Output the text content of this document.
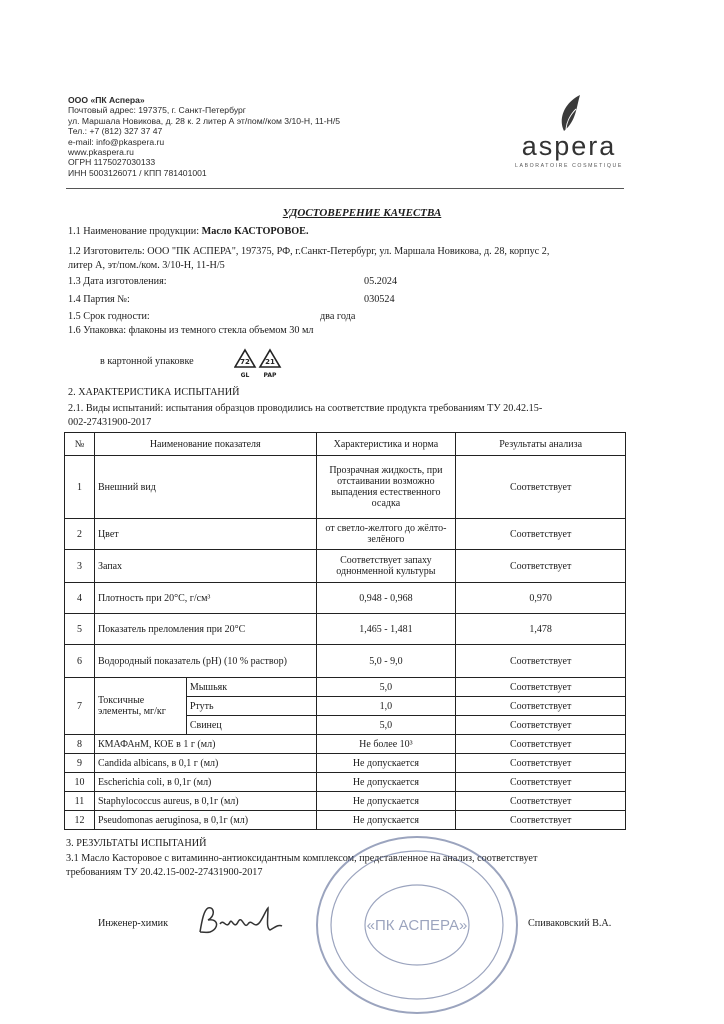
ООО «ПК Аспера»
Почтовый адрес: 197375, г. Санкт-Петербург
ул. Маршала Новикова, д. 28 к. 2 литер А эт/пом//ком 3/10-Н, 11-Н/5
Тел.: +7 (812) 327 37 47
e-mail: info@pkaspera.ru
www.pkaspera.ru
ОГРН 1175027030133
ИНН 5003126071 / КПП 781401001
aspera
LABORATOIRE COSMETIQUE
УДОСТОВЕРЕНИЕ КАЧЕСТВА
1.1 Наименование продукции: Масло КАСТОРОВОЕ.
1.2 Изготовитель: ООО "ПК АСПЕРА", 197375, РФ, г.Санкт-Петербург, ул. Маршала Новикова, д. 28, корпус 2,
литер А, эт/пом./ком. 3/10-Н, 11-Н/5
1.3 Дата изготовления:	05.2024
1.4 Партия №:	030524
1.5 Срок годности:	два года
1.6 Упаковка: флаконы из темного стекла объемом 30 мл
в картонной упаковке	72 21
GL PAP
2. ХАРАКТЕРИСТИКА ИСПЫТАНИЙ
2.1. Виды испытаний: испытания образцов проводились на соответствие продукта требованиям ТУ 20.42.15-
002-27431900-2017
№	Наименование показателя		Характеристика и норма	Результаты анализа
1	Внешний вид		Прозрачная жидкость, при отстаивании возможно выпадения естественного осадка	Соответствует
2	Цвет		от светло-желтого до жёлто-зелёного	Соответствует
3	Запах		Соответствует запаху однонменной культуры	Соответствует
4	Плотность при 20°С, г/см³		0,948 - 0,968	0,970
5	Показатель преломления при 20°С		1,465 - 1,481	1,478
6	Водородный показатель (рН) (10 % раствор)		5,0 - 9,0	Соответствует
7	Токсичные элементы, мг/кг	Мышьяк	5,0	Соответствует
		Ртуть	1,0	Соответствует
		Свинец	5,0	Соответствует
8	КМАФАнМ, КОЕ в 1 г (мл)		Не более 10³	Соответствует
9	Candida albicans, в 0,1 г (мл)		Не допускается	Соответствует
10	Escherichia coli, в 0,1г (мл)		Не допускается	Соответствует
11	Staphylococcus aureus, в 0,1г (мл)		Не допускается	Соответствует
12	Pseudomonas aeruginosa, в 0,1г (мл)		Не допускается	Соответствует
3. РЕЗУЛЬТАТЫ ИСПЫТАНИЙ
3.1 Масло Касторовое с витаминно-антиоксидантным комплексом, представленное на анализ, соответствует
требованиям ТУ 20.42.15-002-27431900-2017
«ПК АСПЕРА»
Инженер-химик	Спиваковский В.А.
